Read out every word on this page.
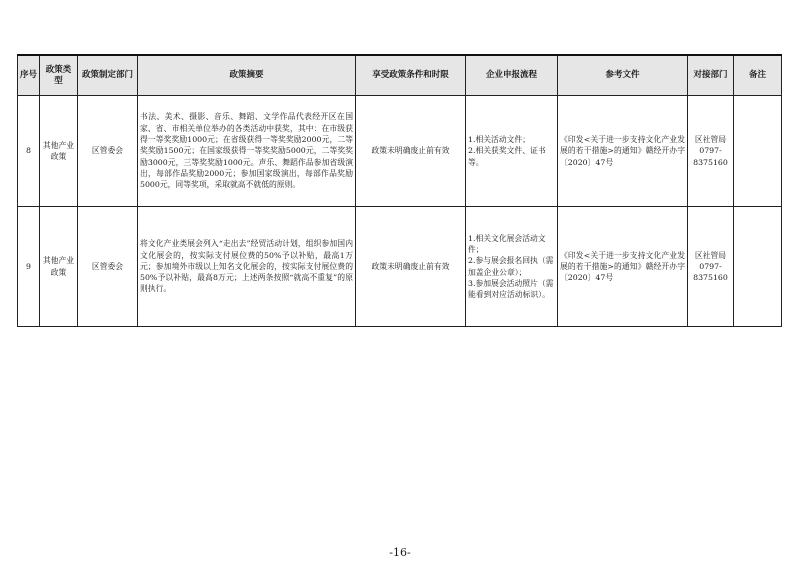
序号	政策类型	政策制定部门	政策摘要	享受政策条件和时限	企业申报流程	参考文件	对接部门	备注
8	其他产业政策	区管委会	书法、美术、摄影、音乐、舞蹈、文学作品代表经开区在国家、省、市相关单位举办的各类活动中获奖，其中：在市级获得一等奖奖励1000元；在省级获得一等奖奖励2000元，二等奖奖励1500元；在国家级获得一等奖奖励5000元，二等奖奖励3000元，三等奖奖励1000元。声乐、舞蹈作品参加省级演出，每部作品奖励2000元；参加国家级演出，每部作品奖励5000元，同等奖项，采取就高不就低的原则。	政策未明确废止前有效	1.相关活动文件；
2.相关获奖文件、证书等。	《印发<关于进一步支持文化产业发展的若干措施>的通知》赣经开办字〔2020〕47号	区社管局
0797-
8375160	
9	其他产业政策	区管委会	将文化产业类展会列入“走出去”经贸活动计划，组织参加国内文化展会的，按实际支付展位费的50%予以补贴，最高1万元；参加境外市级以上知名文化展会的，按实际支付展位费的50%予以补贴，最高8万元；上述两条按照“就高不重复”的原则执行。	政策未明确废止前有效	1.相关文化展会活动文件；
2.参与展会报名回执（需加盖企业公章）；
3.参加展会活动照片（需能看到对应活动标识）。	《印发<关于进一步支持文化产业发展的若干措施>的通知》赣经开办字〔2020〕47号	区社管局
0797-
8375160	
-16-
